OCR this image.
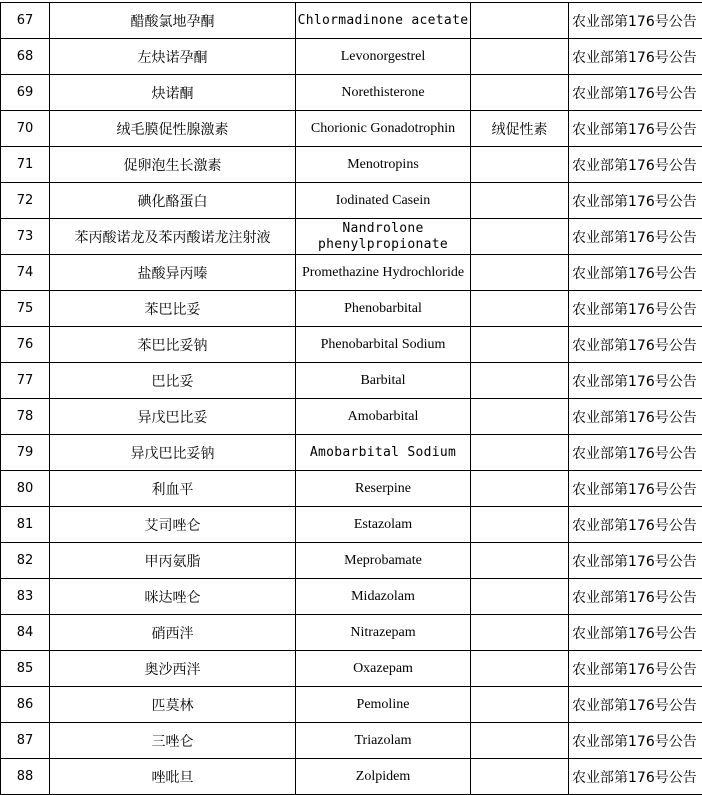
67	醋酸氯地孕酮	Chlormadinone acetate		农业部第176号公告
68	左炔诺孕酮	Levonorgestrel		农业部第176号公告
69	炔诺酮	Norethisterone		农业部第176号公告
70	绒毛膜促性腺激素	Chorionic Gonadotrophin	绒促性素	农业部第176号公告
71	促卵泡生长激素	Menotropins		农业部第176号公告
72	碘化酪蛋白	Iodinated Casein		农业部第176号公告
73	苯丙酸诺龙及苯丙酸诺龙注射液	Nandrolone phenylpropionate		农业部第176号公告
74	盐酸异丙嗪	Promethazine Hydrochloride		农业部第176号公告
75	苯巴比妥	Phenobarbital		农业部第176号公告
76	苯巴比妥钠	Phenobarbital Sodium		农业部第176号公告
77	巴比妥	Barbital		农业部第176号公告
78	异戊巴比妥	Amobarbital		农业部第176号公告
79	异戊巴比妥钠	Amobarbital Sodium		农业部第176号公告
80	利血平	Reserpine		农业部第176号公告
81	艾司唑仑	Estazolam		农业部第176号公告
82	甲丙氨脂	Meprobamate		农业部第176号公告
83	咪达唑仑	Midazolam		农业部第176号公告
84	硝西泮	Nitrazepam		农业部第176号公告
85	奥沙西泮	Oxazepam		农业部第176号公告
86	匹莫林	Pemoline		农业部第176号公告
87	三唑仑	Triazolam		农业部第176号公告
88	唑吡旦	Zolpidem		农业部第176号公告
